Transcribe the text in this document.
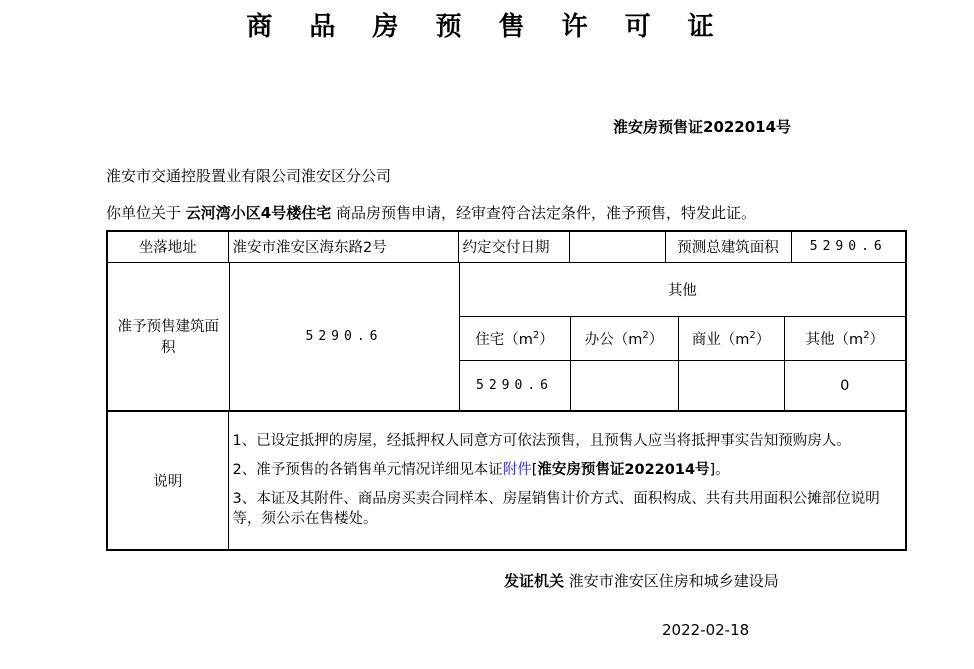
商 品 房 预 售 许 可 证
淮安房预售证2022014号
淮安市交通控股置业有限公司淮安区分公司
你单位关于 云河湾小区4号楼住宅 商品房预售申请，经审查符合法定条件，准予预售，特发此证。
坐落地址	淮安市淮安区海东路2号	约定交付日期		预测总建筑面积	5290.6

准予预售建筑面积	5290.6	其他
住宅$(m^2)$	办公$(m^2)$	商业$(m^2)$	其他$(m^2)$
5290.6			0

说明	

1、已设定抵押的房屋，经抵押权人同意方可依法预售，且预售人应当将抵押事实告知预购房人。

2、准予预售的各销售单元情况详细见本证附件[淮安房预售证2022014号]。

3、本证及其附件、商品房买卖合同样本、房屋销售计价方式、面积构成、共有共用面积公摊部位说明等，须公示在售楼处。

发证机关 淮安市淮安区住房和城乡建设局
2022-02-18
